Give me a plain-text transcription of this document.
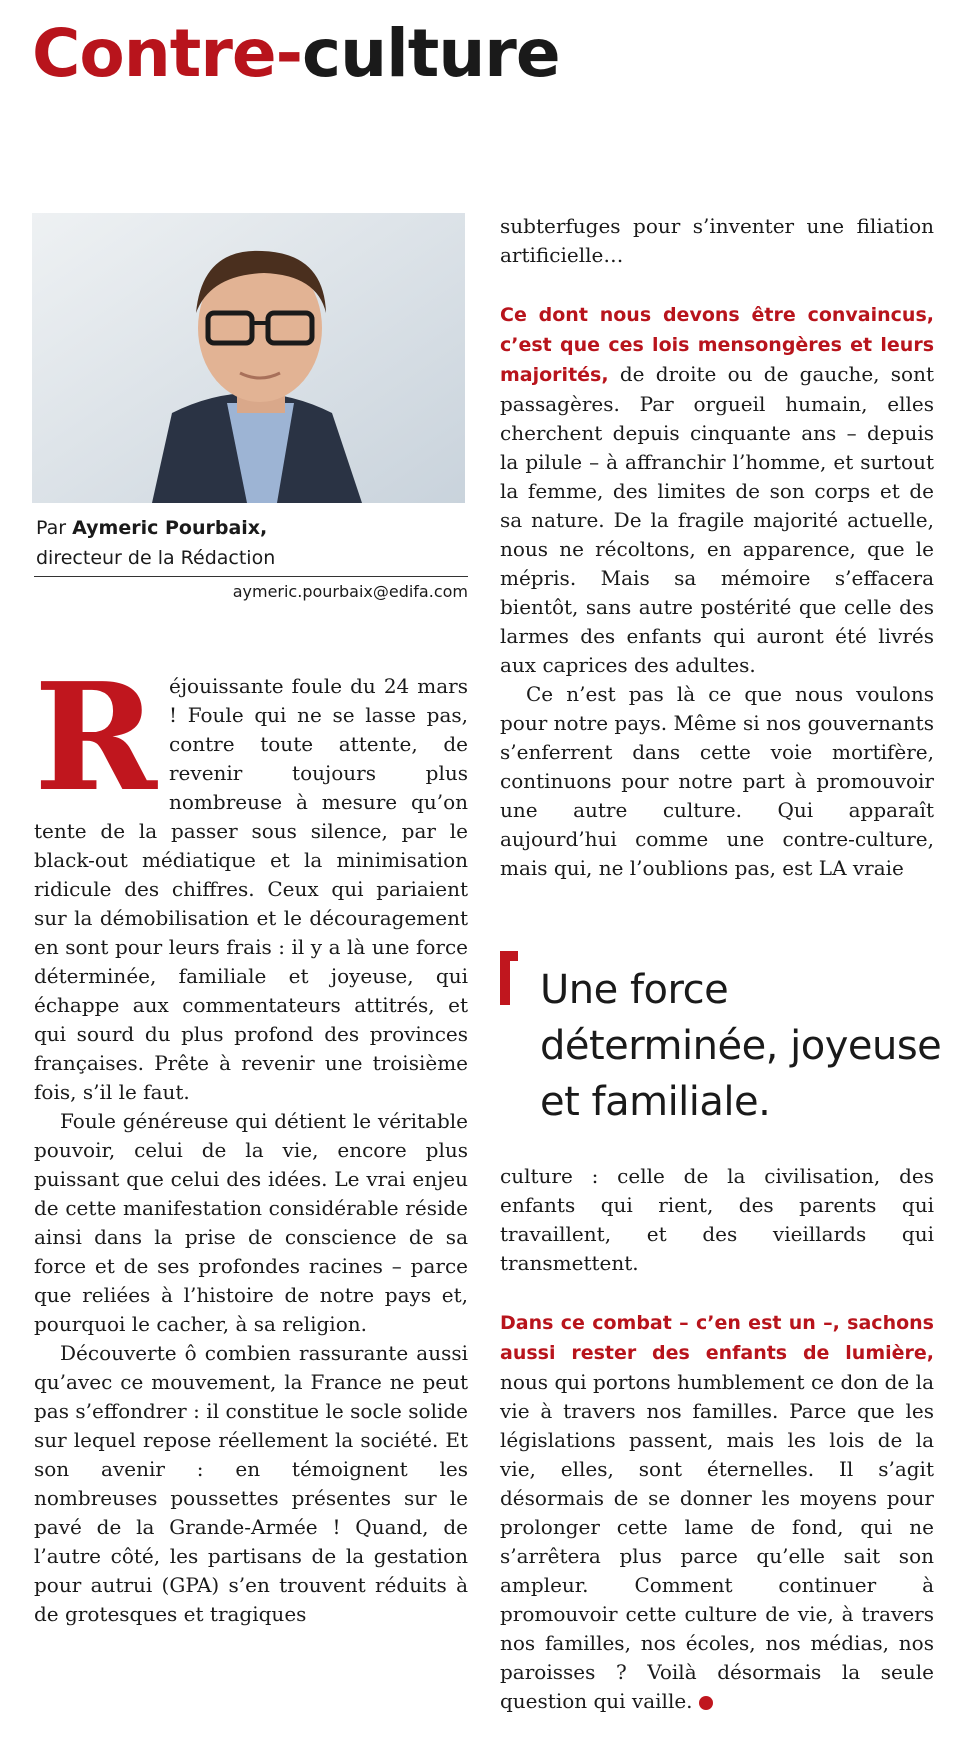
Contre-culture
Par Aymeric Pourbaix,
directeur de la Rédaction
aymeric.pourbaix@edifa.com

Réjouissante foule du 24 mars ! Foule qui ne se lasse pas, contre toute attente, de revenir toujours plus nombreuse à mesure qu’on tente de la passer sous silence, par le black-out médiatique et la minimisation ridicule des chiffres. Ceux qui pariaient sur la démobilisation et le découragement en sont pour leurs frais : il y a là une force déterminée, familiale et joyeuse, qui échappe aux commentateurs attitrés, et qui sourd du plus profond des provinces françaises. Prête à revenir une troisième fois, s’il le faut.

Foule généreuse qui détient le véritable pouvoir, celui de la vie, encore plus puissant que celui des idées. Le vrai enjeu de cette manifestation considérable réside ainsi dans la prise de conscience de sa force et de ses profondes racines – parce que reliées à l’histoire de notre pays et, pourquoi le cacher, à sa religion.

Découverte ô combien rassurante aussi qu’avec ce mouvement, la France ne peut pas s’effondrer : il constitue le socle solide sur lequel repose réellement la société. Et son avenir : en témoignent les nombreuses poussettes présentes sur le pavé de la Grande-Armée ! Quand, de l’autre côté, les partisans de la gestation pour autrui (GPA) s’en trouvent réduits à de grotesques et tragiques

subterfuges pour s’inventer une filiation artificielle…

Ce dont nous devons être convaincus, c’est que ces lois mensongères et leurs majorités, de droite ou de gauche, sont passagères. Par orgueil humain, elles cherchent depuis cinquante ans – depuis la pilule – à affranchir l’homme, et surtout la femme, des limites de son corps et de sa nature. De la fragile majorité actuelle, nous ne récoltons, en apparence, que le mépris. Mais sa mémoire s’effacera bientôt, sans autre postérité que celle des larmes des enfants qui auront été livrés aux caprices des adultes.

Ce n’est pas là ce que nous voulons pour notre pays. Même si nos gouvernants s’enferrent dans cette voie mortifère, continuons pour notre part à promouvoir une autre culture. Qui apparaît aujourd’hui comme une contre-culture, mais qui, ne l’oublions pas, est LA vraie

Une force déterminée, joyeuse et familiale.

culture : celle de la civilisation, des enfants qui rient, des parents qui travaillent, et des vieillards qui transmettent.

Dans ce combat – c’en est un –, sachons aussi rester des enfants de lumière, nous qui portons humblement ce don de la vie à travers nos familles. Parce que les législations passent, mais les lois de la vie, elles, sont éternelles. Il s’agit désormais de se donner les moyens pour prolonger cette lame de fond, qui ne s’arrêtera plus parce qu’elle sait son ampleur. Comment continuer à promouvoir cette culture de vie, à travers nos familles, nos écoles, nos médias, nos paroisses ? Voilà désormais la seule question qui vaille.
